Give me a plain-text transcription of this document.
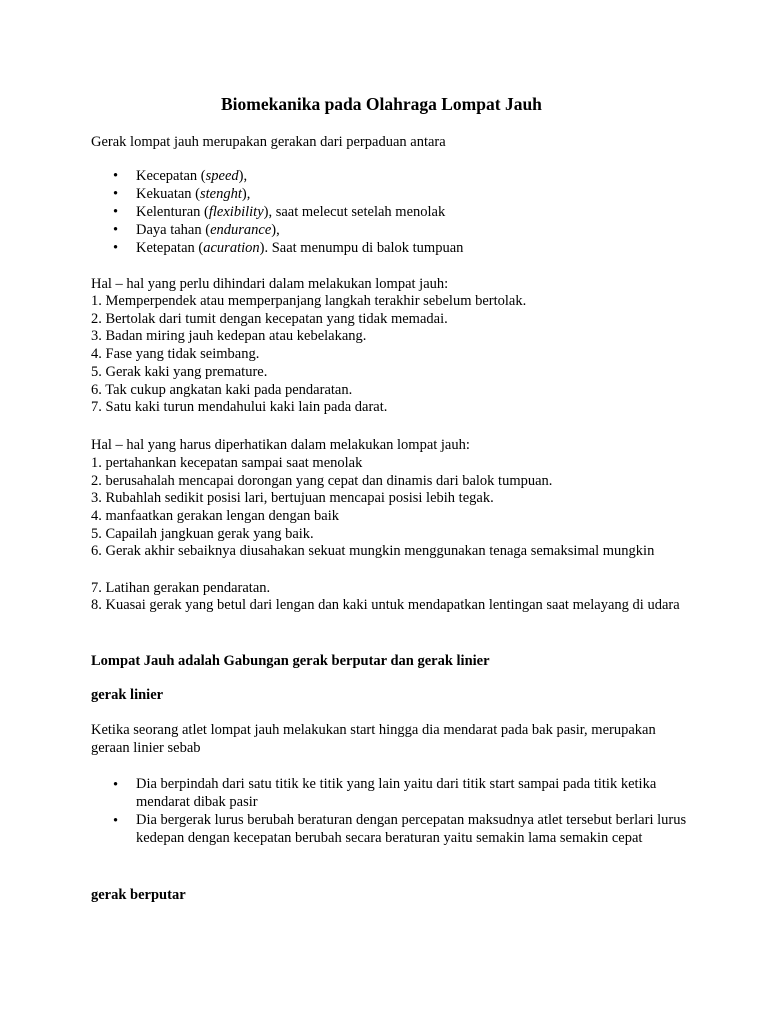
Biomekanika pada Olahraga Lompat Jauh
Gerak lompat jauh merupakan gerakan dari perpaduan antara
• Kecepatan (speed),
• Kekuatan (stenght),
• Kelenturan (flexibility), saat melecut setelah menolak
• Daya tahan (endurance),
• Ketepatan (acuration). Saat menumpu di balok tumpuan
Hal – hal yang perlu dihindari dalam melakukan lompat jauh:
1. Memperpendek atau memperpanjang langkah terakhir sebelum bertolak.
2. Bertolak dari tumit dengan kecepatan yang tidak memadai.
3. Badan miring jauh kedepan atau kebelakang.
4. Fase yang tidak seimbang.
5. Gerak kaki yang premature.
6. Tak cukup angkatan kaki pada pendaratan.
7. Satu kaki turun mendahului kaki lain pada darat.
Hal – hal yang harus diperhatikan dalam melakukan lompat jauh:
1. pertahankan kecepatan sampai saat menolak
2. berusahalah mencapai dorongan yang cepat dan dinamis dari balok tumpuan.
3. Rubahlah sedikit posisi lari, bertujuan mencapai posisi lebih tegak.
4. manfaatkan gerakan lengan dengan baik
5. Capailah jangkuan gerak yang baik.
6. Gerak akhir sebaiknya diusahakan sekuat mungkin menggunakan tenaga semaksimal mungkin
7. Latihan gerakan pendaratan.
8. Kuasai gerak yang betul dari lengan dan kaki untuk mendapatkan lentingan saat melayang di udara
Lompat Jauh adalah Gabungan gerak berputar dan gerak linier
gerak linier
Ketika seorang atlet lompat jauh melakukan start hingga dia mendarat pada bak pasir, merupakan geraan linier sebab
• Dia berpindah dari satu titik ke titik yang lain yaitu dari titik start sampai pada titik ketika mendarat dibak pasir
• Dia bergerak lurus berubah beraturan dengan percepatan maksudnya atlet tersebut berlari lurus kedepan dengan kecepatan berubah secara beraturan yaitu semakin lama semakin cepat
gerak berputar
